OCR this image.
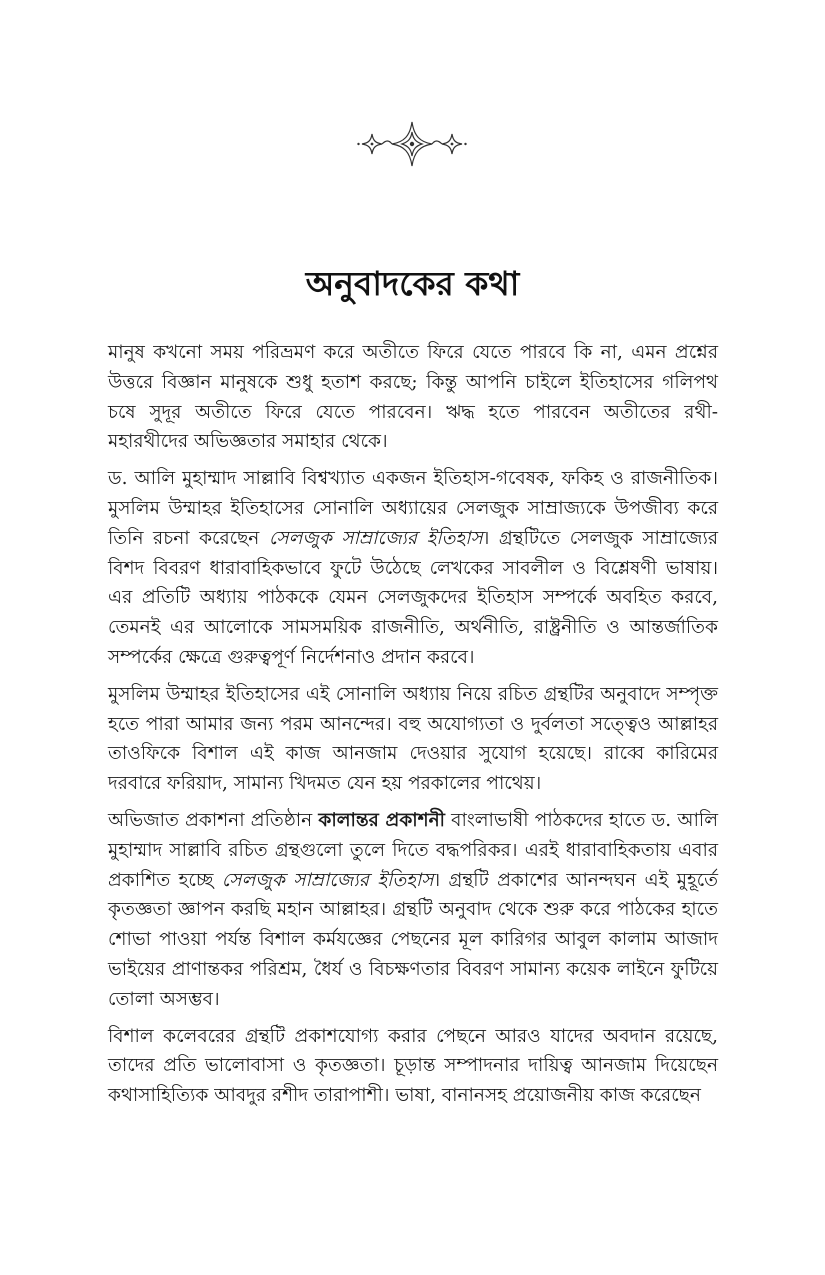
অনুবাদকের কথা

মানুষ কখনো সময় পরিভ্রমণ করে অতীতে ফিরে যেতে পারবে কি না, এমন প্রশ্নের উত্তরে বিজ্ঞান মানুষকে শুধু হতাশ করছে; কিন্তু আপনি চাইলে ইতিহাসের গলিপথ চষে সুদূর অতীতে ফিরে যেতে পারবেন। ঋদ্ধ হতে পারবেন অতীতের রথী-মহারথীদের অভিজ্ঞতার সমাহার থেকে।

ড. আলি মুহাম্মাদ সাল্লাবি বিশ্বখ্যাত একজন ইতিহাস-গবেষক, ফকিহ ও রাজনীতিক। মুসলিম উম্মাহর ইতিহাসের সোনালি অধ্যায়ের সেলজুক সাম্রাজ্যকে উপজীব্য করে তিনি রচনা করেছেন সেলজুক সাম্রাজ্যের ইতিহাস। গ্রন্থটিতে সেলজুক সাম্রাজ্যের বিশদ বিবরণ ধারাবাহিকভাবে ফুটে উঠেছে লেখকের সাবলীল ও বিশ্লেষণী ভাষায়। এর প্রতিটি অধ্যায় পাঠককে যেমন সেলজুকদের ইতিহাস সম্পর্কে অবহিত করবে, তেমনই এর আলোকে সামসময়িক রাজনীতি, অর্থনীতি, রাষ্ট্রনীতি ও আন্তর্জাতিক সম্পর্কের ক্ষেত্রে গুরুত্বপূর্ণ নির্দেশনাও প্রদান করবে।

মুসলিম উম্মাহর ইতিহাসের এই সোনালি অধ্যায় নিয়ে রচিত গ্রন্থটির অনুবাদে সম্পৃক্ত হতে পারা আমার জন্য পরম আনন্দের। বহু অযোগ্যতা ও দুর্বলতা সত্ত্বেও আল্লাহর তাওফিকে বিশাল এই কাজ আনজাম দেওয়ার সুযোগ হয়েছে। রাব্বে কারিমের দরবারে ফরিয়াদ, সামান্য খিদমত যেন হয় পরকালের পাথেয়।

অভিজাত প্রকাশনা প্রতিষ্ঠান কালান্তর প্রকাশনী বাংলাভাষী পাঠকদের হাতে ড. আলি মুহাম্মাদ সাল্লাবি রচিত গ্রন্থগুলো তুলে দিতে বদ্ধপরিকর। এরই ধারাবাহিকতায় এবার প্রকাশিত হচ্ছে সেলজুক সাম্রাজ্যের ইতিহাস। গ্রন্থটি প্রকাশের আনন্দঘন এই মুহূর্তে কৃতজ্ঞতা জ্ঞাপন করছি মহান আল্লাহর। গ্রন্থটি অনুবাদ থেকে শুরু করে পাঠকের হাতে শোভা পাওয়া পর্যন্ত বিশাল কর্মযজ্ঞের পেছনের মূল কারিগর আবুল কালাম আজাদ ভাইয়ের প্রাণান্তকর পরিশ্রম, ধৈর্য ও বিচক্ষণতার বিবরণ সামান্য কয়েক লাইনে ফুটিয়ে তোলা অসম্ভব।

বিশাল কলেবরের গ্রন্থটি প্রকাশযোগ্য করার পেছনে আরও যাদের অবদান রয়েছে, তাদের প্রতি ভালোবাসা ও কৃতজ্ঞতা। চূড়ান্ত সম্পাদনার দায়িত্ব আনজাম দিয়েছেন কথাসাহিত্যিক আবদুর রশীদ তারাপাশী। ভাষা, বানানসহ প্রয়োজনীয় কাজ করেছেন
